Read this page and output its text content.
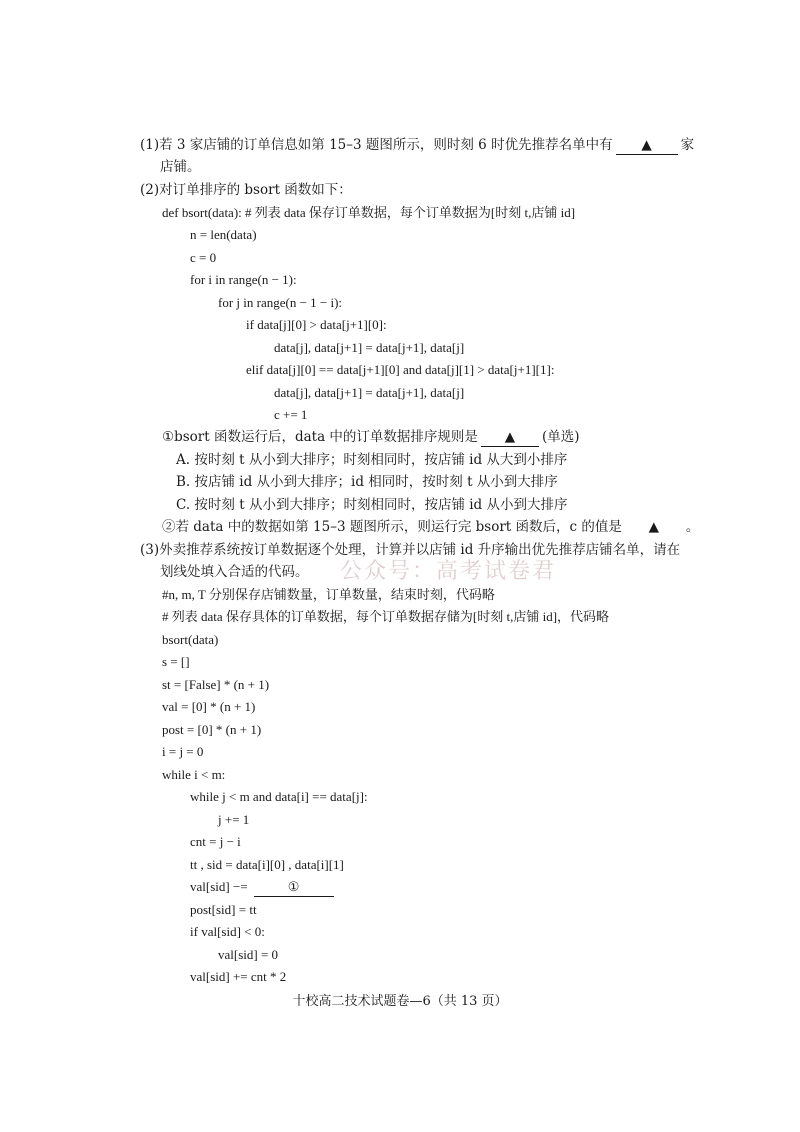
(1)若 3 家店铺的订单信息如第 15–3 题图所示，则时刻 6 时优先推荐名单中有 ▲ 家
店铺。
(2)对订单排序的 bsort 函数如下：
def bsort(data): # 列表 data 保存订单数据，每个订单数据为[时刻 t,店铺 id]
n = len(data)
c = 0
for i in range(n − 1):
for j in range(n − 1 − i):
if data[j][0] > data[j+1][0]:
data[j], data[j+1] = data[j+1], data[j]
elif data[j][0] == data[j+1][0] and data[j][1] > data[j+1][1]:
data[j], data[j+1] = data[j+1], data[j]
c += 1
①bsort 函数运行后，data 中的订单数据排序规则是 ▲ (单选)
A. 按时刻 t 从小到大排序；时刻相同时，按店铺 id 从大到小排序
B. 按店铺 id 从小到大排序；id 相同时，按时刻 t 从小到大排序
C. 按时刻 t 从小到大排序；时刻相同时，按店铺 id 从小到大排序
②若 data 中的数据如第 15–3 题图所示，则运行完 bsort 函数后，c 的值是 ▲ 。
(3)外卖推荐系统按订单数据逐个处理，计算并以店铺 id 升序输出优先推荐店铺名单，请在
划线处填入合适的代码。
#n, m, T 分别保存店铺数量，订单数量，结束时刻，代码略
# 列表 data 保存具体的订单数据，每个订单数据存储为[时刻 t,店铺 id]，代码略
bsort(data)
s = []
st = [False] * (n + 1)
val = [0] * (n + 1)
post = [0] * (n + 1)
i = j = 0
while i < m:
while j < m and data[i] == data[j]:
j += 1
cnt = j − i
tt , sid = data[i][0] , data[i][1]
val[sid] −=	①
post[sid] = tt
if val[sid] < 0:
val[sid] = 0
val[sid] += cnt * 2
公众号：高考试卷君
十校高二技术试题卷—6（共 13 页）
